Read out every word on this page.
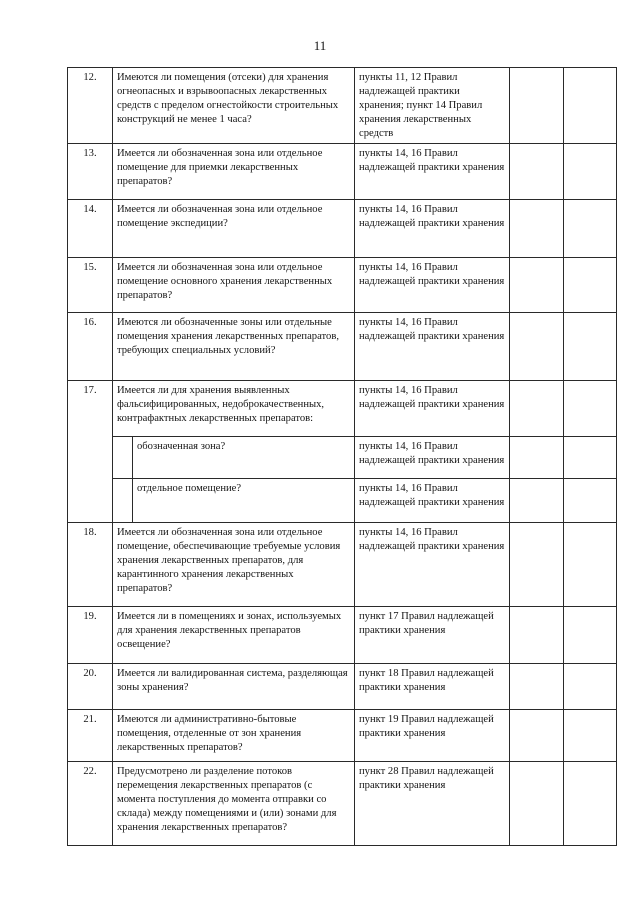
11
12.	Имеются ли помещения (отсеки) для хранения огнеопасных и взрывоопасных лекарственных средств с пределом огнестойкости строительных конструкций не менее 1 часа?		пункты 11, 12 Правил надлежащей практики хранения; пункт 14 Правил хранения лекарственных средств		
13.	Имеется ли обозначенная зона или отдельное помещение для приемки лекарственных препаратов?		пункты 14, 16 Правил надлежащей практики хранения		
14.	Имеется ли обозначенная зона или отдельное помещение экспедиции?		пункты 14, 16 Правил надлежащей практики хранения		
15.	Имеется ли обозначенная зона или отдельное помещение основного хранения лекарственных препаратов?		пункты 14, 16 Правил надлежащей практики хранения		
16.	Имеются ли обозначенные зоны или отдельные помещения хранения лекарственных препаратов, требующих специальных условий?		пункты 14, 16 Правил надлежащей практики хранения		
17.	Имеется ли для хранения выявленных фальсифицированных, недоброкачественных, контрафактных лекарственных препаратов:		пункты 14, 16 Правил надлежащей практики хранения		
		обозначенная зона?	пункты 14, 16 Правил надлежащей практики хранения		
		отдельное помещение?	пункты 14, 16 Правил надлежащей практики хранения		
18.	Имеется ли обозначенная зона или отдельное помещение, обеспечивающие требуемые условия хранения лекарственных препаратов, для карантинного хранения лекарственных препаратов?		пункты 14, 16 Правил надлежащей практики хранения		
19.	Имеется ли в помещениях и зонах, используемых для хранения лекарственных препаратов освещение?		пункт 17 Правил надлежащей практики хранения		
20.	Имеется ли валидированная система, разделяющая зоны хранения?		пункт 18 Правил надлежащей практики хранения		
21.	Имеются ли административно-бытовые помещения, отделенные от зон хранения лекарственных препаратов?		пункт 19 Правил надлежащей практики хранения		
22.	Предусмотрено ли разделение потоков перемещения лекарственных препаратов (с момента поступления до момента отправки со склада) между помещениями и (или) зонами для хранения лекарственных препаратов?		пункт 28 Правил надлежащей практики хранения		
